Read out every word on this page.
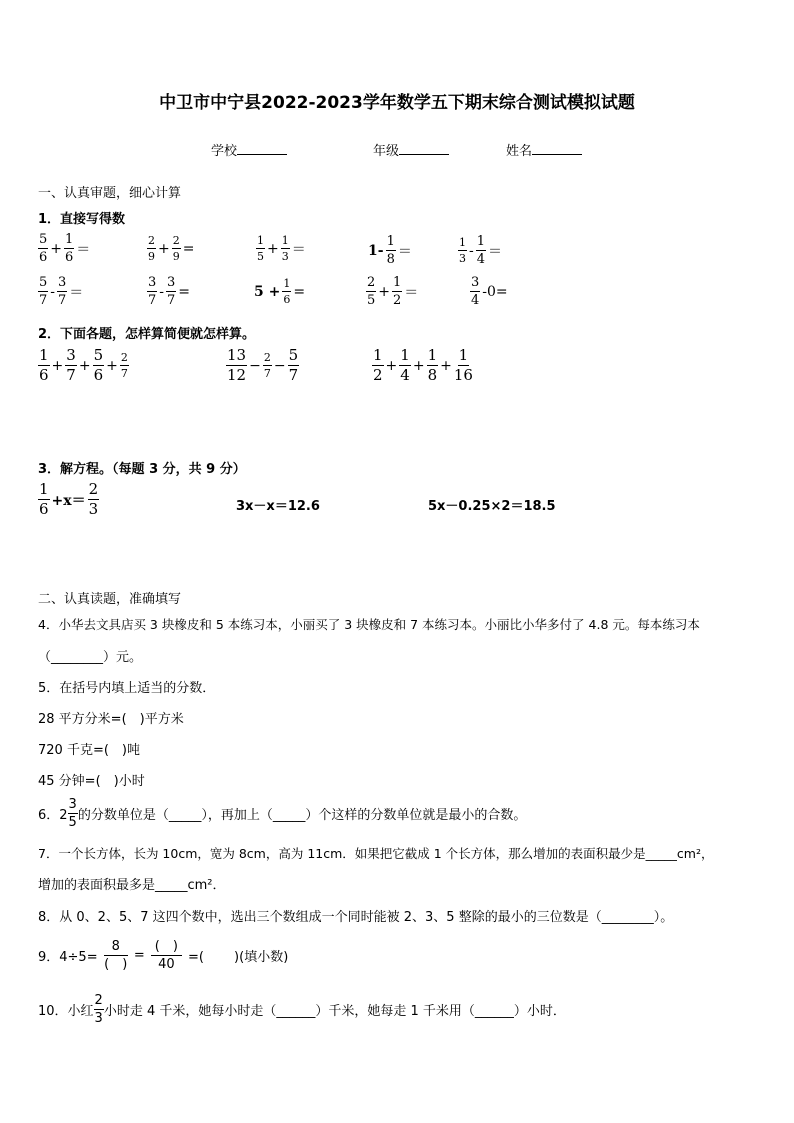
中卫市中宁县2022-2023学年数学五下期末综合测试模拟试题
学校	年级	姓名
一、认真审题，细心计算
1．直接写得数
$\frac{5}{6} + \frac{1}{6}$ ＝	$\frac{2}{9} + \frac{2}{9}$ =	$\frac{1}{5} + \frac{1}{3}$ ＝	$1- \frac{1}{8}$ ＝	$\frac{1}{3} - \frac{1}{4}$ ＝
$\frac{5}{7} - \frac{3}{7}$ ＝	$\frac{3}{7} - \frac{3}{7}$ =	$5 + \frac{1}{6}$ =	$\frac{2}{5} + \frac{1}{2}$ ＝	$\frac{3}{4} -0=$
2．下面各题，怎样算简便就怎样算。
$\frac{1}{6} + \frac{3}{7} + \frac{5}{6} + \frac{2}{7}$	$\frac{13}{12} - \frac{2}{7} - \frac{5}{7}$	$\frac{1}{2} + \frac{1}{4} + \frac{1}{8} + \frac{1}{16}$
3．解方程。（每题 3 分，共 9 分）
$\frac{1}{6} +x= \frac{2}{3}$	3x－x＝12.6	5x－0.25×2＝18.5
二、认真读题，准确填写
4．小华去文具店买 3 块橡皮和 5 本练习本，小丽买了 3 块橡皮和 7 本练习本。小丽比小华多付了 4.8 元。每本练习本
（________）元。
5．在括号内填上适当的分数．
28 平方分米=(　)平方米
720 千克=(　)吨
45 分钟=(　)小时
6．$2 \frac{3}{5}$ 的分数单位是（_____），再加上（_____）个这样的分数单位就是最小的合数。
7．一个长方体，长为 10cm，宽为 8cm，高为 11cm．如果把它截成 1 个长方体，那么增加的表面积最少是_____cm²，
增加的表面积最多是_____cm²．
8．从 0、2、5、7 这四个数中，选出三个数组成一个同时能被 2、3、5 整除的最小的三位数是（________）。
9．$4\div 5= \frac{8}{( )} = \frac{( )}{40}$ =(　 　)(填小数)
10．小红 $\frac{2}{3}$ 小时走 4 千米，她每小时走（______）千米，她每走 1 千米用（______）小时．
